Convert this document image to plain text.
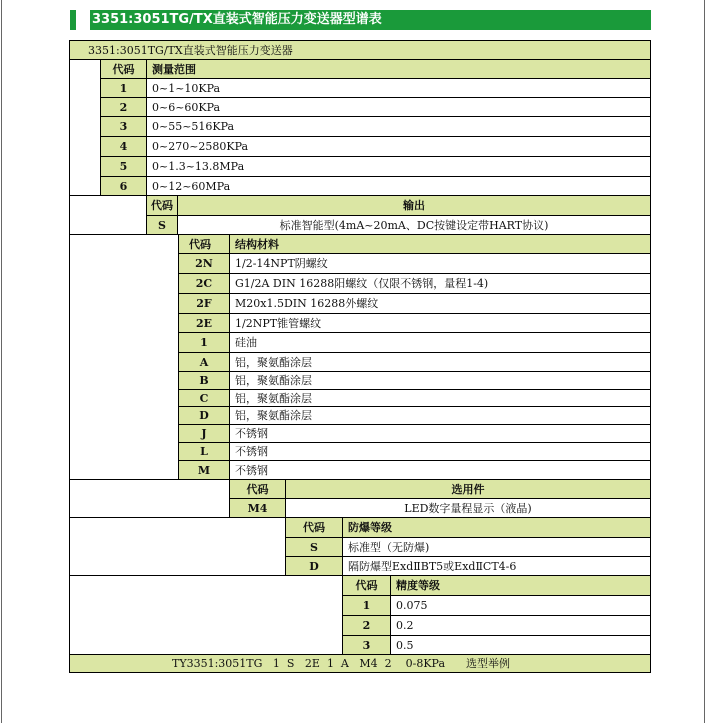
3351:3051TG/TX直装式智能压力变送器型谱表
3351:3051TG/TX直装式智能压力变送器
代码	测量范围
1	0~1~10KPa
2	0~6~60KPa
3	0~55~516KPa
4	0~270~2580KPa
5	0~1.3~13.8MPa
6	0~12~60MPa
代码	输出
S	标准智能型(4mA~20mA、DC按键设定带HART协议)
代码	结构材料
2N	1/2-14NPT阴螺纹
2C	G1/2A DIN 16288阳螺纹（仅限不锈钢，量程1-4)
2F	M20x1.5DIN 16288外螺纹
2E	1/2NPT锥管螺纹
1	硅油
A	铝，聚氨酯涂层
B	铝，聚氨酯涂层
C	铝，聚氨酯涂层
D	铝，聚氨酯涂层
J	不锈钢
L	不锈钢
M	不锈钢
代码	选用件
M4	LED数字量程显示（液晶)
代码	防爆等级
S	标准型（无防爆)
D	隔防爆型ExdⅡBT5或ExdⅡCT4-6
代码	精度等级
1	0.075
2	0.2
3	0.5
TY3351:3051TG   1  S   2E  1  A   M4  2    0-8KPa      选型举例
